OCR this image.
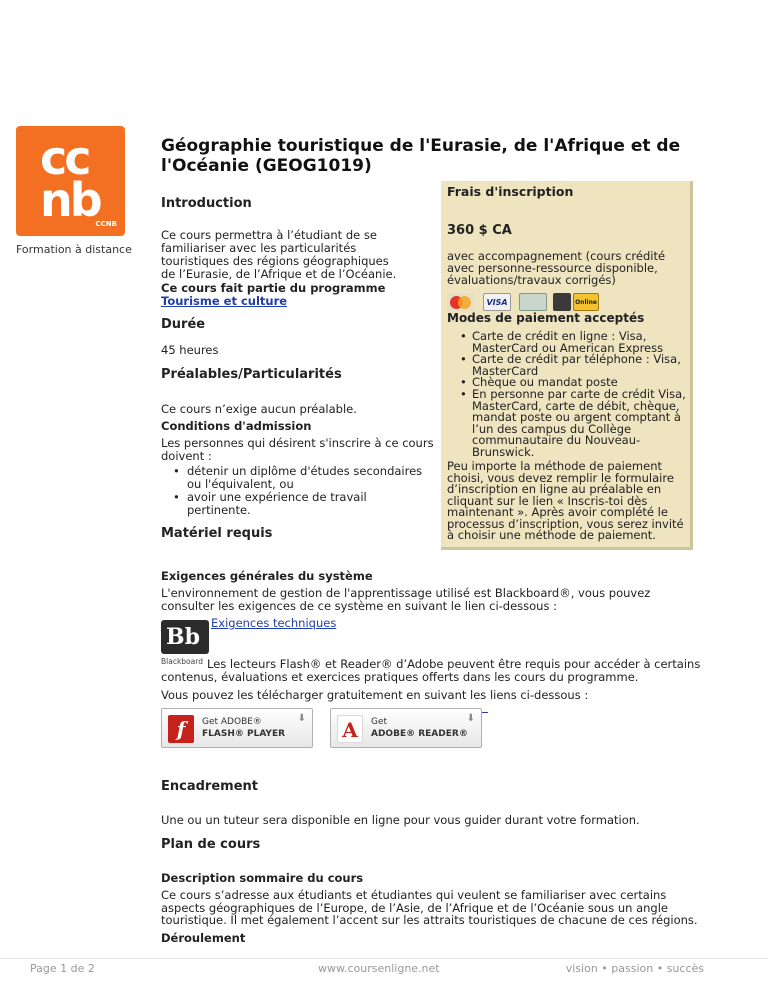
cc
nb
CCNB
Formation à distance
Géographie touristique de l'Eurasie, de l'Afrique et de l'Océanie (GEOG1019)
Introduction

Ce cours permettra à l’étudiant de se familiariser avec les particularités touristiques des régions géographiques de l’Eurasie, de l’Afrique et de l’Océanie.

Ce cours fait partie du programme
Tourisme et culture
Durée

45 heures

Préalables/Particularités

Ce cours n’exige aucun préalable.

Conditions d'admission

Les personnes qui désirent s'inscrire à ce cours doivent :

• détenir un diplôme d'études secondaires ou l'équivalent, ou
• avoir une expérience de travail pertinente.
Matériel requis
Frais d'inscription
360 $ CA
avec accompagnement (cours crédité avec personne-ressource disponible, évaluations/travaux corrigés)
VISA	Online
Modes de paiement acceptés
• Carte de crédit en ligne : Visa, MasterCard ou American Express
• Carte de crédit par téléphone : Visa, MasterCard
• Chèque ou mandat poste
• En personne par carte de crédit Visa, MasterCard, carte de débit, chèque, mandat poste ou argent comptant à l’un des campus du Collège communautaire du Nouveau-Brunswick.

Peu importe la méthode de paiement choisi, vous devez remplir le formulaire d’inscription en ligne au préalable en cliquant sur le lien « Inscris-toi dès maintenant ». Après avoir complété le processus d’inscription, vous serez invité à choisir une méthode de paiement.

Exigences générales du système

L'environnement de gestion de l'apprentissage utilisé est Blackboard®, vous pouvez consulter les exigences de ce système en suivant le lien ci-dessous :

Bb
Exigences techniques

Les lecteurs Flash® et Reader® d’Adobe peuvent être requis pour accéder à certains contenus, évaluations et exercices pratiques offerts dans les cours du programme.

Blackboard

Vous pouvez les télécharger gratuitement en suivant les liens ci-dessous :

f	Get ADOBE®
FLASH® PLAYER
⬇ A	Get
ADOBE® READER®
⬇
Encadrement

Une ou un tuteur sera disponible en ligne pour vous guider durant votre formation.

Plan de cours
Description sommaire du cours

Ce cours s’adresse aux étudiants et étudiantes qui veulent se familiariser avec certains aspects géographiques de l’Europe, de l’Asie, de l’Afrique et de l’Océanie sous un angle touristique. Il met également l’accent sur les attraits touristiques de chacune de ces régions.

Déroulement
Page 1 de 2	www.coursenligne.net	vision • passion • succès
